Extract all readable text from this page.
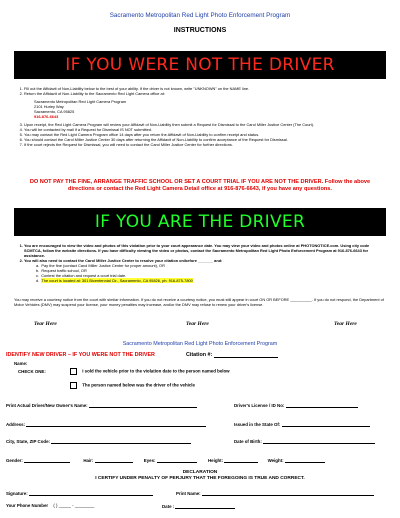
Sacramento Metropolitan Red Light Photo Enforcement Program
INSTRUCTIONS
IF YOU WERE NOT THE DRIVER
1. Fill out the Affidavit of Non-Liability below to the best of your ability. If the driver is not known, write "UNKNOWN" on the NAME line.
2. Return the Affidavit of Non-Liability to the Sacramento Red Light Camera office at:
Sacramento Metropolitan Red Light Camera Program
2101 Hurley Way
Sacramento, CA 95825
916-876-6643
3. Upon receipt, the Red Light Camera Program will review your Affidavit of Non-Liability then submit a Request for Dismissal to the Carol Miller Justice Center (The Court).
4. You will be contacted by mail if a Request for Dismissal IS NOT submitted.
5. You may contact the Red Light Camera Program office 14 days after you return the Affidavit of Non-Liability to confirm receipt and status.
6. You should contact the Carol Miller Justice Center 30 days after returning the Affidavit of Non-Liability to confirm acceptance of the Request for Dismissal.
7. If the court rejects the Request for Dismissal, you will need to contact the Carol Miller Justice Center for further directions.
DO NOT PAY THE FINE, ARRANGE TRAFFIC SCHOOL OR SET A COURT TRIAL IF YOU ARE NOT THE DRIVER. Follow the above directions or contact the Red Light Camera Detail office at 916-876-6643, if you have any questions.
IF YOU ARE THE DRIVER
1. You are encouraged to view the video and photos of this violation prior to your court appearance date. You may view your video and photos online at PHOTONOTICE.com. Using city code SCMTCA, follow the website directions. If you have difficulty viewing the video or photos, contact the Sacramento Metropolitan Red Light Photo Enforcement Program at 916-876-6643 for assistance.
2. You will also need to contact the Carol Miller Justice Center to resolve your citation on/before _______ and:
a.  Pay the fine (contact Carol Miller Justice Center for proper amount), OR
b.  Request traffic school, OR
c.  Contest the citation and request a court trial date.
d.  The court is located at: 301 Bicentennial Cir., Sacramento, CA 95826, ph: 916-875-7800
You may receive a courtesy notice from the court with similar information. If you do not receive a courtesy notice, you must still appear in court ON OR BEFORE __________. If you do not respond, the Department of Motor Vehicles (DMV) may suspend your license, your money penalties may increase, and/or the DMV may refuse to renew your driver's license.
Tear Here	Tear Here	Tear Here
Sacramento Metropolitan Red Light Photo Enforcement Program
IDENTIFY NEW DRIVER – IF YOU WERE NOT THE DRIVER	Citation #:
Name:
CHECK ONE:	I sold the vehicle prior to the violation date to the person named below
The person named below was the driver of the vehicle
Print Actual Driver/New Owner's Name:	Driver's License / ID No:
Address:	Issued in the State Of:
City, State, ZIP Code:	Date of Birth:
Gender:	Hair:	Eyes:	Height:	Weight:
DECLARATION
I CERTIFY UNDER PENALTY OF PERJURY THAT THE FOREGOING IS TRUE AND CORRECT.
Signature:	Print Name:
Your Phone Number ( ) _____ - ________	Date :
